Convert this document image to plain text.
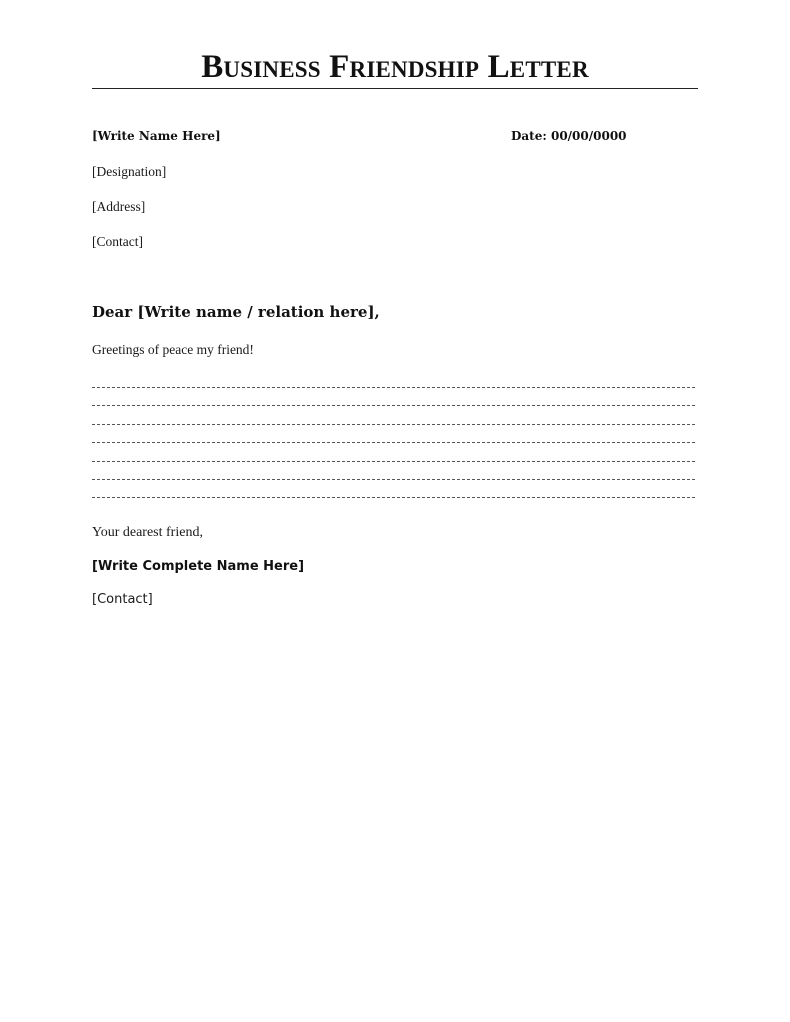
Business Friendship Letter
[Write Name Here]	Date: 00/00/0000
[Designation]
[Address]
[Contact]
Dear [Write name / relation here],
Greetings of peace my friend!
Your dearest friend,
[Write Complete Name Here]
[Contact]
